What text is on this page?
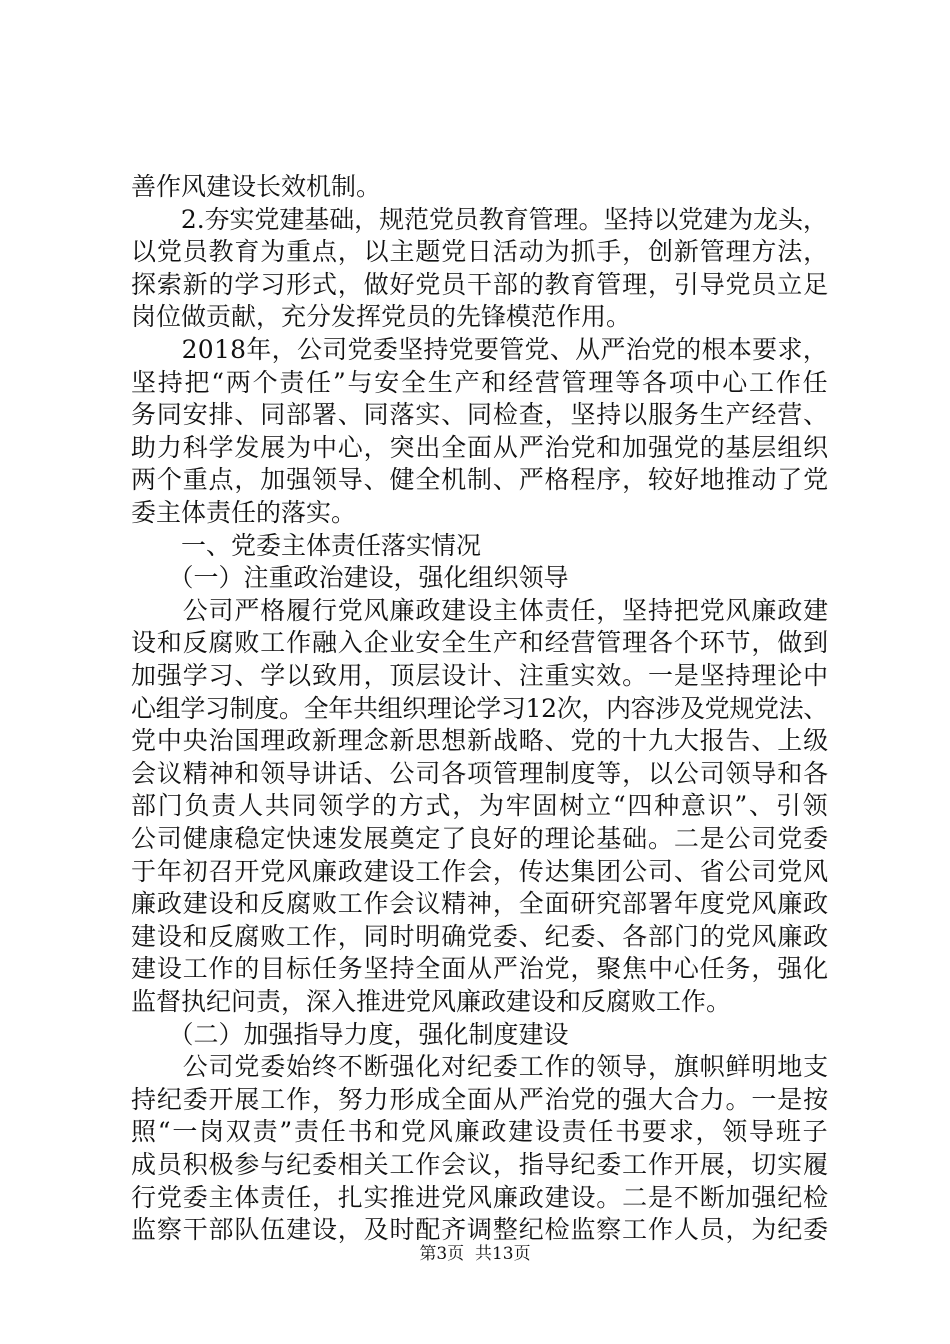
善作风建设长效机制。
　　2.夯实党建基础，规范党员教育管理。坚持以党建为龙头，
以党员教育为重点，以主题党日活动为抓手，创新管理方法，
探索新的学习形式，做好党员干部的教育管理，引导党员立足
岗位做贡献，充分发挥党员的先锋模范作用。
　　2018年，公司党委坚持党要管党、从严治党的根本要求，
坚持把“两个责任”与安全生产和经营管理等各项中心工作任
务同安排、同部署、同落实、同检查，坚持以服务生产经营、
助力科学发展为中心，突出全面从严治党和加强党的基层组织
两个重点，加强领导、健全机制、严格程序，较好地推动了党
委主体责任的落实。
　　一、党委主体责任落实情况
　　（一）注重政治建设，强化组织领导
　　公司严格履行党风廉政建设主体责任，坚持把党风廉政建
设和反腐败工作融入企业安全生产和经营管理各个环节，做到
加强学习、学以致用，顶层设计、注重实效。一是坚持理论中
心组学习制度。全年共组织理论学习12次，内容涉及党规党法、
党中央治国理政新理念新思想新战略、党的十九大报告、上级
会议精神和领导讲话、公司各项管理制度等，以公司领导和各
部门负责人共同领学的方式，为牢固树立“四种意识”、引领
公司健康稳定快速发展奠定了良好的理论基础。二是公司党委
于年初召开党风廉政建设工作会，传达集团公司、省公司党风
廉政建设和反腐败工作会议精神，全面研究部署年度党风廉政
建设和反腐败工作，同时明确党委、纪委、各部门的党风廉政
建设工作的目标任务坚持全面从严治党，聚焦中心任务，强化
监督执纪问责，深入推进党风廉政建设和反腐败工作。
　　（二）加强指导力度，强化制度建设
　　公司党委始终不断强化对纪委工作的领导，旗帜鲜明地支
持纪委开展工作，努力形成全面从严治党的强大合力。一是按
照“一岗双责”责任书和党风廉政建设责任书要求，领导班子
成员积极参与纪委相关工作会议，指导纪委工作开展，切实履
行党委主体责任，扎实推进党风廉政建设。二是不断加强纪检
监察干部队伍建设，及时配齐调整纪检监察工作人员，为纪委
第3页  共13页
